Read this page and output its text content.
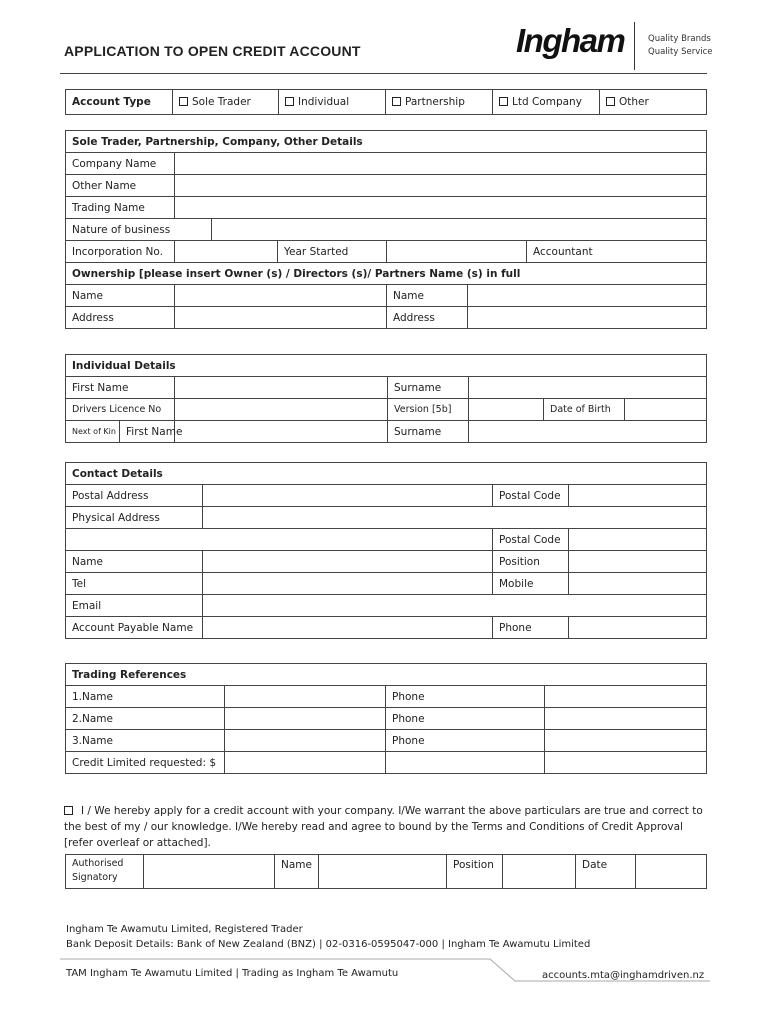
APPLICATION TO OPEN CREDIT ACCOUNT	Ingham	Quality Brands
Quality Service
Account Type	Sole Trader	Individual	Partnership	Ltd Company	Other
Sole Trader, Partnership, Company, Other Details						
Company Name						
Other Name						
Trading Name						
Nature of business						
Incorporation No.			Year Started			Accountant
Ownership [please insert Owner (s) / Directors (s)/ Partners Name (s) in full						
Name				Name		
Address				Address		
Individual Details						
First Name			Surname			
Drivers Licence No			Version [5b]		Date of Birth	
Next of Kin	First Name		Surname			
Contact Details			
Postal Address		Postal Code	
Physical Address			
		Postal Code	
Name		Position	
Tel		Mobile	
Email			
Account Payable Name		Phone	
Trading References			
1.Name		Phone	
2.Name		Phone	
3.Name		Phone	
Credit Limited requested: $			
I / We hereby apply for a credit account with your company. I/We warrant the above particulars are true and correct to the best of my / our knowledge. I/We hereby read and agree to bound by the Terms and Conditions of Credit Approval [refer overleaf or attached].
Authorised
Signatory		Name		Position		Date	
Ingham Te Awamutu Limited, Registered Trader
Bank Deposit Details: Bank of New Zealand (BNZ) | 02-0316-0595047-000 | Ingham Te Awamutu Limited
TAM Ingham Te Awamutu Limited | Trading as Ingham Te Awamutu	accounts.mta@inghamdriven.nz
